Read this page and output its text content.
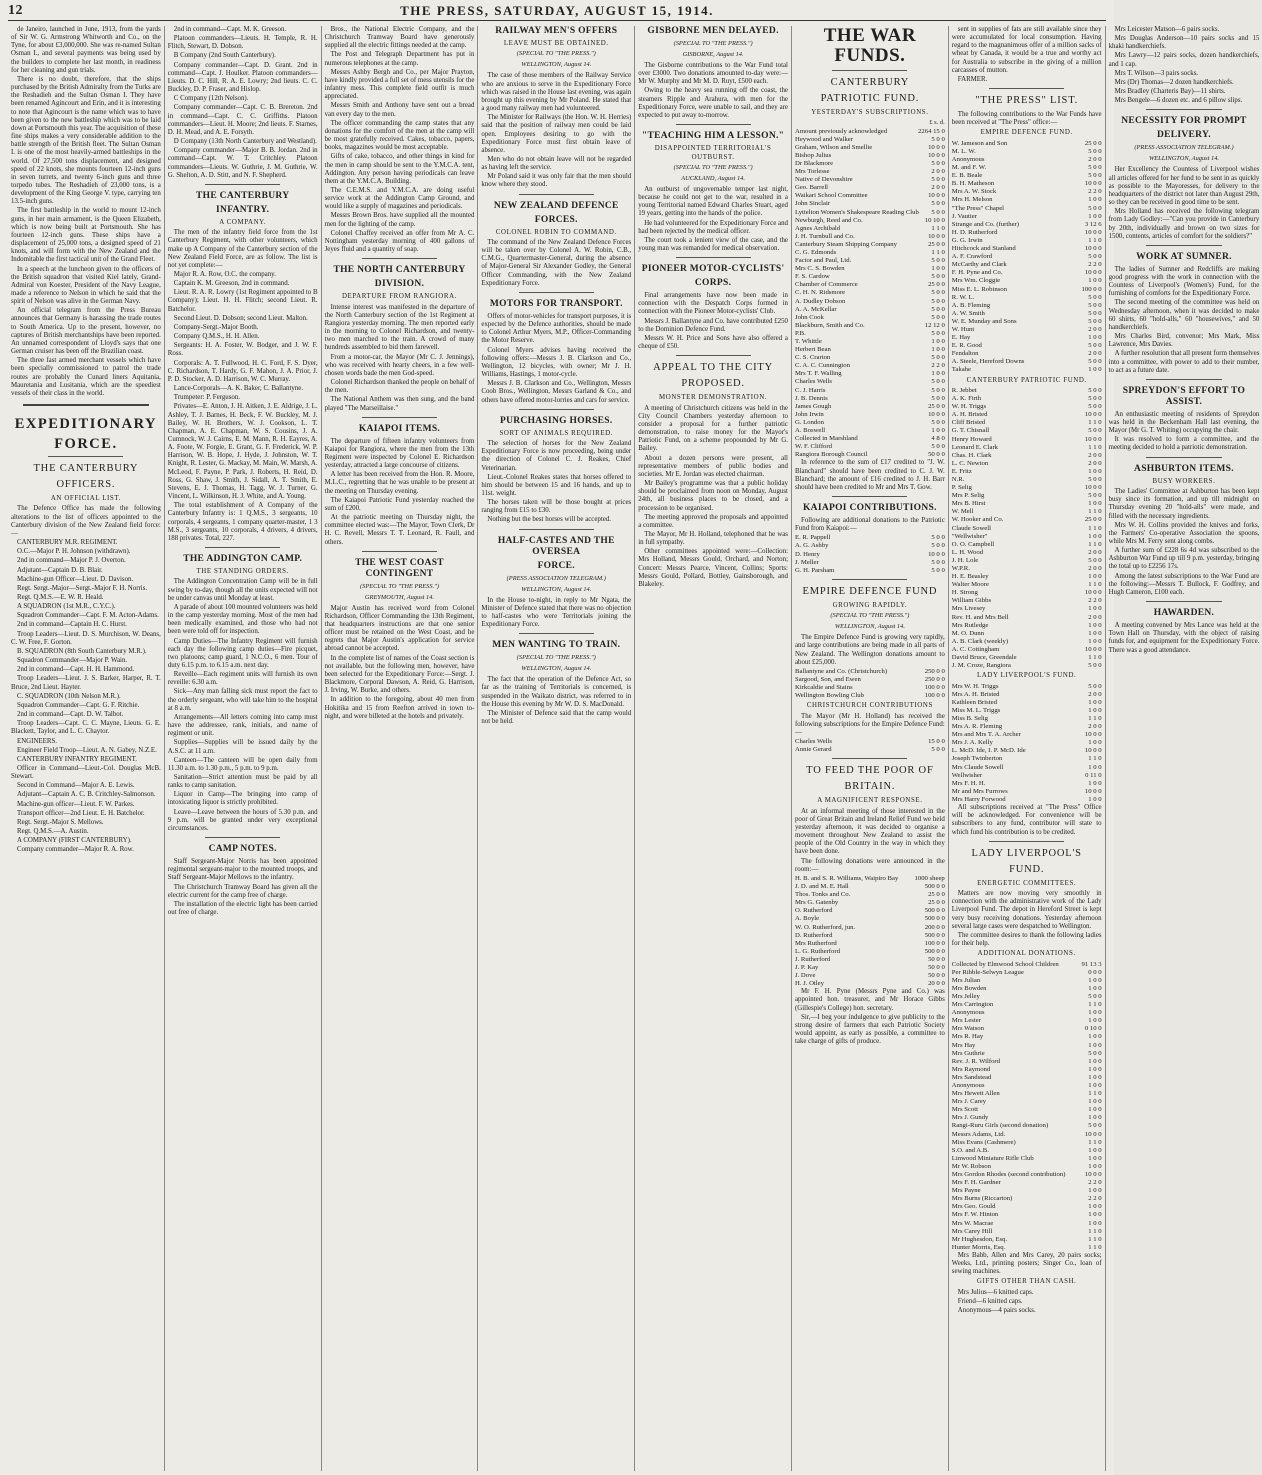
12	THE PRESS, SATURDAY, AUGUST 15, 1914.

de Janeiro, launched in June, 1913, from the yards of Sir W. G. Armstrong Whitworth and Co., on the Tyne, for about £3,000,000. She was re-named Sultan Osman I., and several payments was being used by the builders to complete her last month, in readiness for her cleaning and gun trials.

There is no doubt, therefore, that the ships purchased by the British Admiralty from the Turks are the Reshadieh and the Sultan Osman I. They have been renamed Agincourt and Erin, and it is interesting to note that Agincourt is the name which was to have been given to the new battleship which was to be laid down at Portsmouth this year. The acquisition of these fine ships makes a very considerable addition to the battle strength of the British fleet. The Sultan Osman I. is one of the most heavily-armed battleships in the world. Of 27,500 tons displacement, and designed speed of 22 knots, she mounts fourteen 12-inch guns in seven turrets, and twenty 6-inch guns and three torpedo tubes. The Reshadieh of 23,000 tons, is a development of the King George V. type, carrying ten 13.5-inch guns.

The first battleship in the world to mount 12-inch guns, in her main armament, is the Queen Elizabeth, which is now being built at Portsmouth. She has fourteen 12-inch guns. These ships have a displacement of 25,000 tons, a designed speed of 21 knots, and will form with the New Zealand and the Indomitable the first tactical unit of the Grand Fleet.

In a speech at the luncheon given to the officers of the British squadron that visited Kiel lately, Grand-Admiral von Koester, President of the Navy League, made a reference to Nelson in which he said that the spirit of Nelson was alive in the German Navy.

An official telegram from the Press Bureau announces that Germany is harassing the trade routes to South America. Up to the present, however, no captures of British merchantships have been reported. An unnamed correspondent of Lloyd's says that one German cruiser has been off the Brazilian coast.

The three fast armed merchant vessels which have been specially commissioned to patrol the trade routes are probably the Cunard liners Aquitania, Mauretania and Lusitania, which are the speediest vessels of their class in the world.

EXPEDITIONARY
FORCE.
THE CANTERBURY
OFFICERS.
AN OFFICIAL LIST.

The Defence Office has made the following alterations to the list of officers appointed to the Canterbury division of the New Zealand field force:—

CANTERBURY M.R. REGIMENT.

O.C.—Major P. H. Johnson (withdrawn).

2nd in command—Major P. J. Overton.

Adjutant—Captain D. B. Blair.

Machine-gun Officer—Lieut. D. Davison.

Regt. Sergt.-Major—Sergt.-Major F. H. Norris.

Regt. Q.M.S.—E. W. R. Heald.

A SQUADRON (1st M.R., C.Y.C.).

Squadron Commander—Capt. F. M. Acton-Adams.

2nd in command—Captain H. C. Hurst.

Troop Leaders—Lieut. D. S. Murchison, W. Deans, C. W. Free, F. Gorton.

B. SQUADRON (8th South Canterbury M.R.).

Squadron Commander—Major P. Wain.

2nd in command—Capt. H. H. Hammond.

Troop Leaders—Lieut. J. S. Barker, Harper, R. T. Bruce, 2nd Lieut. Hayter.

C. SQUADRON (10th Nelson M.R.).

Squadron Commander—Capt. G. F. Ritchie.

2nd in command—Capt. D. W. Talbot.

Troop Leaders—Capt. C. C. Mayne, Lieuts. G. E. Blackett, Taylor, and L. C. Chaytor.

ENGINEERS.

Engineer Field Troop—Lieut. A. N. Gabey, N.Z.E.

CANTERBURY INFANTRY REGIMENT.

Officer in Command—Lieut.-Col. Douglas McB. Stewart.

Second in Command—Major A. E. Lewis.

Adjutant—Captain A. C. B. Critchley-Salmonson.

Machine-gun officer—Lieut. F. W. Parkes.

Transport officer—2nd Lieut. E. H. Batchelor.

Regt. Sergt.-Major S. Mellows.

Regt. Q.M.S.—A. Austin.

A COMPANY (FIRST CANTERBURY).

Company commander—Major R. A. Row.

2nd in command—Capt. M. K. Greeson.

Platoon commanders—Lieuts. H. Temple, R. H. Flitch, Stewart, D. Dobson.

B Company (2nd South Canterbury).

Company commander—Capt. D. Grant. 2nd in command—Capt. J. Houlker. Platoon commanders—Lieuts. D. C. Hill, R. A. E. Lowry; 2nd lieuts. C. C. Buckley, D. P. Fraser, and Hislop.

C Company (12th Nelson).

Company commander—Capt. C. B. Brereton. 2nd in command—Capt. C. C. Griffiths. Platoon commanders—Lieut. H. Moore; 2nd lieuts. F. Starnes, D. H. Mead, and A. E. Forsyth.

D Company (13th North Canterbury and Westland).

Company commander—Major B. B. Jordan. 2nd in command—Capt. W. T. Critchley. Platoon commanders—Lieuts. W. Guthrie, J. M. Guthrie, W. G. Shelton, A. D. Stitt, and N. F. Shepherd.

THE CANTERBURY
INFANTRY.
A COMPANY.

The men of the infantry field force from the 1st Canterbury Regiment, with other volunteers, which make up A Company of the Canterbury section of the New Zealand Field Force, are as follow. The list is not yet complete:—

Major R. A. Row, O.C. the company.

Captain K. M. Greeson, 2nd in command.

Lieut. R. A. R. Lowry (1st Regiment appointed to B Company); Lieut. H. H. Flitch; second Lieut. R. Batchelor.

Second Lieut. D. Dobson; second Lieut. Malton.

Company-Sergt.-Major Booth.

Company Q.M.S., H. H. Allen.

Sergeants: H. A. Foster, W. Bodger, and J. W. F. Ross.

Corporals: A. T. Fullwood, H. C. Ford, F. S. Dyer, C. Richardson, T. Hardy, G. F. Mahon, J. A. Prior, J. P. D. Stocker, A. D. Harrison, W. C. Murray.

Lance-Corporals—A. K. Baker, C. Ballantyne.

Trumpeter: P. Ferguson.

Privates—E. Anton, J. H. Aitken, J. E. Aldrige, J. L. Ashley, T. J. Barnes, H. Beck, F. W. Buckley, M. J. Bailey, W. H. Brothers, W. J. Cookson, L. T. Chapman, A. E. Chapman, W. S. Cousins, J. A. Cumnock, W. J. Cairns, E. M. Mann, R. H. Eayres, A. A. Foote, W. Forgie, E. Grant, G. F. Frederick, W. P. Harrison, W. B. Hope, J. Hyde, J. Johnston, W. T. Knight, R. Lester, G. Mackay, M. Main, W. Marsh, A. McLeod, F. Payne, P. Park, J. Roberts, H. Reid, D. Ross, G. Shaw, J. Smith, J. Sidall, A. T. Smith, E. Stevens, E. J. Thomas, H. Tagg, W. J. Turner, G. Vincent, L. Wilkinson, H. J. White, and A. Young.

The total establishment of A Company of the Canterbury Infantry is: 1 Q.M.S., 3 sergeants, 10 corporals, 4 sergeants, 1 company quarter-master, 1 3 M.S., 3 sergeants, 10 corporals, 4 drivers, 4 drivers, 188 privates. Total, 227.

THE ADDINGTON CAMP.
THE STANDING ORDERS.

The Addington Concentration Camp will be in full swing by to-day, though all the units expected will not be under canvas until Monday at least.

A parade of about 100 mounted volunteers was held in the camp yesterday morning. Most of the men had been medically examined, and those who had not been were told off for inspection.

Camp Duties—The Infantry Regiment will furnish each day the following camp duties—Fire picquet, two platoons; camp guard, 1 N.C.O., 6 men. Tour of duty 6.15 p.m. to 6.15 a.m. next day.

Reveille—Each regiment units will furnish its own reveille: 6.30 a.m.

Sick—Any man falling sick must report the fact to the orderly sergeant, who will take him to the hospital at 8 a.m.

Arrangements—All letters coming into camp must have the addressee, rank, initials, and name of regiment or unit.

Supplies—Supplies will be issued daily by the A.S.C. at 11 a.m.

Canteen—The canteen will be open daily from 11.30 a.m. to 1.30 p.m., 5 p.m. to 9 p.m.

Sanitation—Strict attention must be paid by all ranks to camp sanitation.

Liquor in Camp—The bringing into camp of intoxicating liquor is strictly prohibited.

Leave—Leave between the hours of 5.30 p.m. and 9 p.m. will be granted under very exceptional circumstances.

CAMP NOTES.

Staff Sergeant-Major Norris has been appointed regimental sergeant-major to the mounted troops, and Staff Sergeant-Major Mellows to the infantry.

The Christchurch Tramway Board has given all the electric current for the camp free of charge.

The installation of the electric light has been carried out free of charge.

Bros., the National Electric Company, and the Christchurch Tramway Board have generously supplied all the electric fittings needed at the camp.

The Post and Telegraph Department has put in numerous telephones at the camp.

Messrs Ashby Bergh and Co., per Major Prayton, have kindly provided a full set of mess utensils for the infantry mess. This complete field outfit is much appreciated.

Messrs Smith and Anthony have sent out a bread van every day to the men.

The officer commanding the camp states that any donations for the comfort of the men at the camp will be most gratefully received. Cakes, tobacco, papers, books, magazines would be most acceptable.

Gifts of cake, tobacco, and other things in kind for the men in camp should be sent to the Y.M.C.A. tent, Addington. Any person having periodicals can leave them at the Y.M.C.A. Building.

The C.E.M.S. and Y.M.C.A. are doing useful service work at the Addington Camp Ground, and would like a supply of magazines and periodicals.

Messrs Brown Bros. have supplied all the mounted men for the lighting of the camp.

Colonel Chaffey received an offer from Mr A. C. Nottingham yesterday morning of 400 gallons of Jeyes fluid and a quantity of soap.

THE NORTH CANTERBURY
DIVISION.
DEPARTURE FROM RANGIORA.

Intense interest was manifested in the departure of the North Canterbury section of the 1st Regiment at Rangiora yesterday morning. The men reported early in the morning to Colonel Richardson, and twenty-two men marched to the train. A crowd of many hundreds assembled to bid them farewell.

From a motor-car, the Mayor (Mr C. J. Jennings), who was received with hearty cheers, in a few well-chosen words bade the men God-speed.

Colonel Richardson thanked the people on behalf of the men.

The National Anthem was then sung, and the band played "The Marseillaise."

KAIAPOI ITEMS.

The departure of fifteen infantry volunteers from Kaiapoi for Rangiora, where the men from the 13th Regiment were inspected by Colonel E. Richardson yesterday, attracted a large concourse of citizens.

A letter has been received from the Hon. R. Moore, M.L.C., regretting that he was unable to be present at the meeting on Thursday evening.

The Kaiapoi Patriotic Fund yesterday reached the sum of £200.

At the patriotic meeting on Thursday night, the committee elected was:—The Mayor, Town Clerk, Dr H. C. Revell, Messrs T. T. Leonard, R. Faull, and others.

THE WEST COAST CONTINGENT
(SPECIAL TO "THE PRESS.")
GREYMOUTH, August 14.

Major Austin has received word from Colonel Richardson, Officer Commanding the 13th Regiment, that headquarters instructions are that one senior officer must be retained on the West Coast, and he regrets that Major Austin's application for service abroad cannot be accepted.

In the complete list of names of the Coast section is not available, but the following men, however, have been selected for the Expeditionary Force:—Sergt. J. Blackmore, Corporal Dawson, A. Reid, G. Harrison, J. Irving, W. Burke, and others.

In addition to the foregoing, about 40 men from Hokitika and 15 from Reefton arrived in town to-night, and were billeted at the hotels and privately.

RAILWAY MEN'S OFFERS
LEAVE MUST BE OBTAINED.
(SPECIAL TO "THE PRESS.")
WELLINGTON, August 14.

The case of those members of the Railway Service who are anxious to serve in the Expeditionary Force which was raised in the House last evening, was again brought up this evening by Mr Poland. He stated that a good many railway men had volunteered.

The Minister for Railways (the Hon. W. H. Herries) said that the position of railway men could be laid open. Employees desiring to go with the Expeditionary Force must first obtain leave of absence.

Men who do not obtain leave will not be regarded as having left the service.

Mr Poland said it was only fair that the men should know where they stood.

NEW ZEALAND DEFENCE
FORCES.
COLONEL ROBIN TO COMMAND.

The command of the New Zealand Defence Forces will be taken over by Colonel A. W. Robin, C.B., C.M.G., Quartermaster-General, during the absence of Major-General Sir Alexander Godley, the General Officer Commanding, with the New Zealand Expeditionary Force.

MOTORS FOR TRANSPORT.

Offers of motor-vehicles for transport purposes, it is expected by the Defence authorities, should be made to Colonel Arthur Myers, M.P., Officer-Commanding the Motor Reserve.

Colonel Myers advises having received the following offers:—Messrs J. B. Clarkson and Co., Wellington, 12 bicycles, with owner; Mr J. H. Williams, Hastings, 1 motor-cycle.

Messrs J. B. Clarkson and Co., Wellington, Messrs Coob Bros., Wellington, Messrs Garland & Co., and others have offered motor-lorries and cars for service.

PURCHASING HORSES.
SORT OF ANIMALS REQUIRED.

The selection of horses for the New Zealand Expeditionary Force is now proceeding, being under the direction of Colonel C. J. Reakes, Chief Veterinarian.

Lieut.-Colonel Reakes states that horses offered to him should be between 15 and 16 hands, and up to 11st. weight.

The horses taken will be those bought at prices ranging from £15 to £30.

Nothing but the best horses will be accepted.

HALF-CASTES AND THE OVERSEA
FORCE.
(PRESS ASSOCIATION TELEGRAM.)
WELLINGTON, August 14.

In the House to-night, in reply to Mr Ngata, the Minister of Defence stated that there was no objection to half-castes who were Territorials joining the Expeditionary Force.

MEN WANTING TO TRAIN.
(SPECIAL TO "THE PRESS.")
WELLINGTON, August 14.

The fact that the operation of the Defence Act, so far as the training of Territorials is concerned, is suspended in the Waikato district, was referred to in the House this evening by Mr W. D. S. MacDonald.

The Minister of Defence said that the camp would not be held.

GISBORNE MEN DELAYED.
(SPECIAL TO "THE PRESS.")
GISBORNE, August 14.

The Gisborne contributions to the War Fund total over £3000. Two donations amounted to-day were:—Mr W. Murphy and Mr M. D. Ruyt, £500 each.

Owing to the heavy sea running off the coast, the steamers Ripple and Arahura, with men for the Expeditionary Force, were unable to sail, and they are expected to put away to-morrow.

"TEACHING HIM A LESSON."
DISAPPOINTED TERRITORIAL'S OUTBURST.
(SPECIAL TO "THE PRESS.")
AUCKLAND, August 14.

An outburst of ungovernable temper last night, because he could not get to the war, resulted in a young Territorial named Edward Charles Stuart, aged 19 years, getting into the hands of the police.

He had volunteered for the Expeditionary Force and had been rejected by the medical officer.

The court took a lenient view of the case, and the young man was remanded for medical observation.

PIONEER MOTOR-CYCLISTS'
CORPS.

Final arrangements have now been made in connection with the Despatch Corps formed in connection with the Pioneer Motor-cyclists' Club.

Messrs J. Ballantyne and Co. have contributed £250 to the Dominion Defence Fund.

Messrs W. H. Price and Sons have also offered a cheque of £50.

APPEAL TO THE CITY
PROPOSED.
MONSTER DEMONSTRATION.

A meeting of Christchurch citizens was held in the City Council Chambers yesterday afternoon to consider a proposal for a further patriotic demonstration, to raise money for the Mayor's Patriotic Fund, on a scheme propounded by Mr G. Bailey.

About a dozen persons were present, all representative members of public bodies and societies. Mr E. Jordan was elected chairman.

Mr Bailey's programme was that a public holiday should be proclaimed from noon on Monday, August 24th, all business places to be closed, and a procession to be organised.

The meeting approved the proposals and appointed a committee.

The Mayor, Mr H. Holland, telephoned that he was in full sympathy.

Other committees appointed were:—Collection: Mrs Holland, Messrs Gould, Orchard, and Norton; Concert: Messrs Pearce, Vincent, Collins; Sports: Messrs Gould, Pollard, Bottley, Gainsborough, and Blakeley.

THE WAR FUNDS.
CANTERBURY
PATRIOTIC FUND.
YESTERDAY'S SUBSCRIPTIONS.
£ s. d.
Amount previously acknowledged	2264 15 0
Heywood and Walker	5 0 0
Graham, Wilson and Smellie	10 0 0
Bishop Julius	10 0 0
Dr Blackmore	5 0 0
Mrs Torlesse	2 0 0
Native of Devonshire	5 0 0
Geo. Barrell	2 0 0
Waikari School Committee	10 0 0
John Sinclair	5 0 0
Lyttelton Women's Shakespeare Reading Club	5 0 0
Newburgh, Reed and Co.	10 10 0
Agnes Archibald	1 1 0
J. H. Turnbull and Co.	10 0 0
Canterbury Steam Shipping Company	25 0 0
C. G. Edmonds	1 1 0
Factor and Paul, Ltd.	5 0 0
Mrs C. S. Bowden	1 0 0
F. S. Cardow	5 0 0
Chamber of Commerce	25 0 0
C. H. N. Ridsmore	5 0 0
A. Dudley Dobson	5 0 0
A. A. McKellar	5 0 0
John Cook	5 0 0
Blackburn, Smith and Co.	12 12 0
P.B.	5 0 0
T. Whittle	1 0 0
Herbert Bean	1 0 0
C. S. Crarton	5 0 0
C. A. C. Cunnington	2 2 0
Mrs T. F. Walling	1 0 0
Charles Wells	5 0 0
C. J. Harris	5 0 0
J. B. Dennis	5 0 0
James Gough	25 0 0
John Irwin	10 0 0
G. London	5 0 0
A. Boswell	1 0 0
Collected in Marshland	4 8 0
W. F. Clifford	5 0 0
Rangiora Borough Council	50 0 0

In reference to the sum of £17 credited to "J. W. Blanchard" should have been credited to C. J. W. Blanchard; the amount of £16 credited to J. H. Barr should have been credited to Mr and Mrs T. Gow.

KAIAPOI CONTRIBUTIONS.

Following are additional donations to the Patriotic Fund from Kaiapoi:—

E. R. Pappell	5 0 0
A. G. Ashby	5 0 0
D. Henry	10 0 0
J. Meller	5 0 0
G. H. Parsham	5 0 0
EMPIRE DEFENCE FUND
GROWING RAPIDLY.
(SPECIAL TO "THE PRESS.")
WELLINGTON, August 14.

The Empire Defence Fund is growing very rapidly, and large contributions are being made in all parts of New Zealand. The Wellington donations amount to about £25,000.

Ballantyne and Co. (Christchurch)	250 0 0
Sargood, Son, and Ewen	250 0 0
Kirkcaldie and Stains	100 0 0
Wellington Bowling Club	100 0 0
CHRISTCHURCH CONTRIBUTIONS

The Mayor (Mr H. Holland) has received the following subscriptions for the Empire Defence Fund:—

Charles Wells	15 0 0
Annie Gerard	5 0 0
TO FEED THE POOR OF
BRITAIN.
A MAGNIFICENT RESPONSE.

At an informal meeting of those interested in the poor of Great Britain and Ireland Relief Fund we held yesterday afternoon, it was decided to organise a movement throughout New Zealand to assist the people of the Old Country in the way in which they have been done.

The following donations were announced in the room:—

H. B. and S. R. Williams, Waipiro Bay	1000 sheep
J. D. and M. E. Hall	500 0 0
Thos. Tonks and Co.	25 0 0
Mrs G. Gatenby	25 0 0
O. Rutherford	500 0 0
A. Boyle	500 0 0
W. O. Rutherford, jun.	200 0 0
D. Rutherford	500 0 0
Mrs Rutherford	100 0 0
L. G. Rutherford	500 0 0
J. Rutherford	50 0 0
J. P. Kay	50 0 0
J. Dove	50 0 0
H. J. Otley	20 0 0

Mr F. H. Pyne (Messrs Pyne and Co.) was appointed hon. treasurer, and Mr Horace Gibbs (Gillespie's College) hon. secretary.

Sir,—I beg your indulgence to give publicity to the strong desire of farmers that each Patriotic Society would appoint, as early as possible, a committee to take charge of gifts of produce.

sent in supplies of fats are still available since they were accumulated for local consumption. Having regard to the magnanimous offer of a million sacks of wheat by Canada, it would be a true and worthy act for Australia to subscribe in the giving of a million carcasses of mutton.

FARMER.

"THE PRESS" LIST.

The following contributions to the War Funds have been received at "The Press" office:—

EMPIRE DEFENCE FUND.
W. Jameson and Son	25 0 0
M. L. W.	5 0 0
Anonymous	2 0 0
M. and F. W.	5 0 0
E. B. Beale	5 0 0
B. H. Matheson	10 0 0
Mrs A. W. Stock	2 2 0
Mrs H. Melson	1 0 0
"The Press" Chapel	5 0 0
J. Vautier	1 0 0
Strange and Co. (further)	3 12 6
H. D. Rutherford	10 0 0
G. G. Irwin	1 1 0
Hitchcock and Stanland	10 0 0
A. F. Crawford	5 0 0
McCarthy and Clark	2 2 0
F. H. Pyne and Co.	10 0 0
Mrs Wm. Cloggie	1 0 0
Miss E. L. Robinson	100 0 0
R. W. L.	5 0 0
A. B. Fleming	5 0 0
A. W. Smith	5 0 0
W. E. Munday and Sons	5 0 0
W. Hunt	2 0 0
E. Hay	1 0 0
E. R. Good	5 0 0
Fendalton	2 0 0
A. Steele, Hereford Downs	5 0 0
Takahe	1 0 0
CANTERBURY PATRIOTIC FUND.
R. Jebbet	5 0 0
A. K. Firth	5 0 0
W. H. Triggs	5 0 0
A. H. Bristed	10 0 0
Cliff Bristed	1 1 0
G. T. Chisnall	5 0 0
Henry Howard	10 0 0
Leonard E. Clark	1 1 0
Chas. H. Clark	2 0 0
L. C. Newton	2 0 0
E. Fritz	1 0 0
N.R.	5 0 0
P. Selig	10 0 0
Mrs P. Selig	5 0 0
Mrs B. Hirst	1 0 0
W. Mell	1 1 0
W. Hooker and Co.	25 0 0
Claude Sowell	1 1 0
"Wellwisher"	1 0 0
O. O. Campbell	1 1 0
L. H. Wood	2 0 0
J. H. Lole	5 0 0
W.P.R.	2 0 0
H. E. Beasley	1 0 0
Walter Moore	1 1 0
H. Strong	10 0 0
William Gibbs	2 2 0
Mrs Livesey	1 0 0
Rev. H. and Mrs Bell	2 0 0
Mrs Rutledge	1 0 0
M. O. Dunn	1 0 0
A. B. Clark (weekly)	1 0 0
A. C. Cottingham	10 0 0
David Bruce, Greendale	1 1 0
J. M. Croze, Rangiora	5 0 0
LADY LIVERPOOL'S FUND.
Mrs W. H. Triggs	5 0 0
Mrs A. H. Bristed	2 0 0
Kathleen Bristed	1 0 0
Miss M. L. Triggs	1 0 0
Miss B. Selig	1 1 0
Mrs A. R. Fleming	2 0 0
Mrs and Mrs T. A. Archer	10 0 0
Mrs J. A. Kelly	1 0 0
L. McD. Ide, I. P. McD. Ide	10 0 0
Joseph Twinberton	1 1 0
Mrs Claude Sowell	1 0 0
Wellwisher	0 11 0
Mrs F. H. H.	1 0 0
Mr and Mrs Furrows	10 0 0
Mrs Harry Forwood	1 0 0

All subscriptions received at "The Press" Office will be acknowledged. For convenience will be subscribers to any fund, contributor will state to which fund his contribution is to be credited.

LADY LIVERPOOL'S
FUND.
ENERGETIC COMMITTEES.

Matters are now moving very smoothly in connection with the administrative work of the Lady Liverpool Fund. The depot in Hereford Street is kept very busy receiving donations. Yesterday afternoon several large cases were despatched to Wellington.

The committee desires to thank the following ladies for their help.

ADDITIONAL DONATIONS.
Collected by Elmwood School Children	91 13 3
Per Ribble-Selwyn League	0 0 0
Mrs Julian	1 0 0
Mrs Bowden	1 0 0
Mrs Jelley	5 0 0
Mrs Carrington	1 1 0
Anonymous	1 0 0
Mrs Lester	1 0 0
Mrs Watson	0 10 0
Mrs R. Hay	1 0 0
Mrs Hay	1 0 0
Mrs Guthrie	5 0 0
Rev. J. R. Wilford	1 0 0
Mrs Raymond	1 0 0
Mrs Sandstead	1 0 0
Anonymous	1 0 0
Mrs Hewett Allen	1 1 0
Mrs J. Carey	1 0 0
Mrs Scott	1 0 0
Mrs J. Gundy	1 0 0
Rangi-Ruru Girls (second donation)	5 0 0
Messrs Adams, Ltd.	10 0 0
Miss Evans (Cashmere)	1 1 0
S.O. and A.B.	1 0 0
Linwood Miniature Rifle Club	1 0 0
Mr W. Robson	1 0 0
Mrs Gordon Rhodes (second contribution)	10 0 0
Mrs F. H. Gardner	2 2 0
Mrs Payne	1 0 0
Mrs Burns (Riccarton)	2 2 0
Mrs Geo. Gould	1 0 0
Mrs F. W. Hinton	1 0 0
Mrs W. Macrae	1 0 0
Mrs Carey Hill	1 1 0
Mr Hughesdon, Esq.	1 1 0
Hunter Morris, Esq.	1 1 0

Mrs Babb, Allen and Mrs Carey, 20 pairs socks; Weeks, Ltd., printing posters; Singer Co., loan of sewing machines.

GIFTS OTHER THAN CASH.

Mrs Julius—6 knitted caps.

Friend—6 knitted caps.

Anonymous—4 pairs socks.

Mrs Leicester Matson—6 pairs socks.

Mrs Douglas Anderson—10 pairs socks and 15 khaki handkerchiefs.

Mrs Lawry—12 pairs socks, dozen handkerchiefs, and 1 cap.

Mrs T. Wilson—3 pairs socks.

Mrs (Dr) Thomas—2 dozen handkerchiefs.

Mrs Bradley (Charteris Bay)—11 shirts.

Mrs Bengele—6 dozen etc. and 6 pillow slips.

NECESSITY FOR PROMPT
DELIVERY.
(PRESS ASSOCIATION TELEGRAM.)
WELLINGTON, August 14.

Her Excellency the Countess of Liverpool wishes all articles offered for her fund to be sent in as quickly as possible to the Mayoresses, for delivery to the headquarters of the district not later than August 29th, so they can be received in good time to be sent.

Mrs Holland has received the following telegram from Lady Godley:—"Can you provide in Canterbury by 20th, individually and brown on two sizes for 1500, contents, articles of comfort for the soldiers?"

WORK AT SUMNER.

The ladies of Sumner and Redcliffs are making good progress with the work in connection with the Countess of Liverpool's (Women's) Fund, for the furnishing of comforts for the Expeditionary Force.

The second meeting of the committee was held on Wednesday afternoon, when it was decided to make 60 shirts, 60 "hold-alls," 60 "housewives," and 50 handkerchiefs.

Mrs Charles Bird, convenor; Mrs Mark, Miss Lawrence, Mrs Davies.

A further resolution that all present form themselves into a committee, with power to add to their number, to act as a future date.

SPREYDON'S EFFORT TO ASSIST.

An enthusiastic meeting of residents of Spreydon was held in the Beckenham Hall last evening, the Mayor (Mr G. T. Whiting) occupying the chair.

It was resolved to form a committee, and the meeting decided to hold a patriotic demonstration.

ASHBURTON ITEMS.
BUSY WORKERS.

The Ladies' Committee at Ashburton has been kept busy since its formation, and up till midnight on Thursday evening 20 "hold-alls" were made, and filled with the necessary ingredients.

Mrs W. H. Collins provided the knives and forks, the Farmers' Co-operative Association the spoons, while Mrs M. Ferry sent along combs.

A further sum of £228 6s 4d was subscribed to the Ashburton War Fund up till 9 p.m. yesterday, bringing the total up to £2256 17s.

Among the latest subscriptions to the War Fund are the following:—Messrs T. Bullock, F. Godfrey, and Hugh Cameron, £100 each.

HAWARDEN.

A meeting convened by Mrs Lance was held at the Town Hall on Thursday, with the object of raising funds for, and equipment for the Expeditionary Force. There was a good attendance.
